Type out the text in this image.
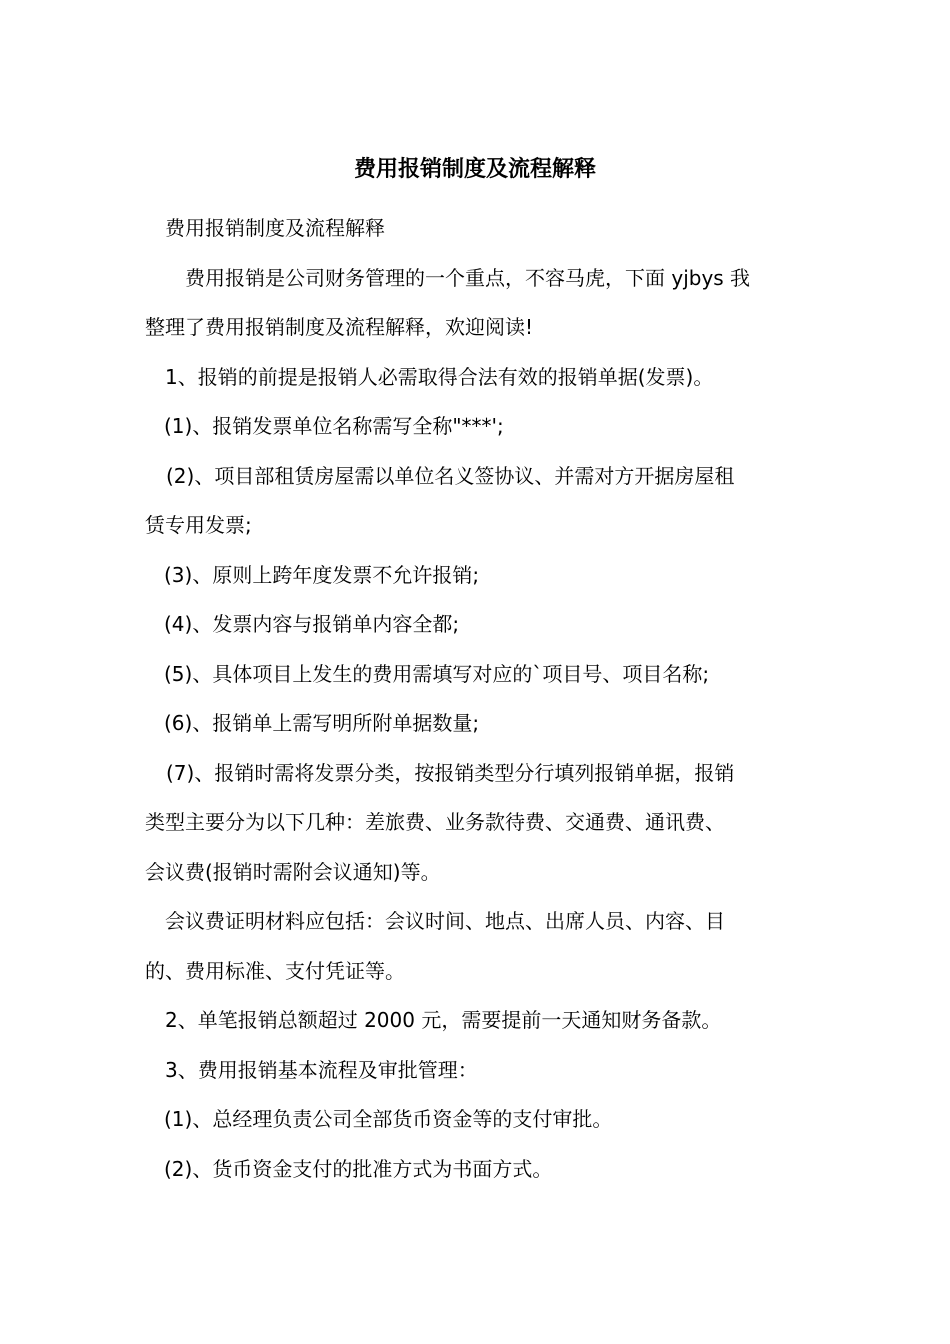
费用报销制度及流程解释

费用报销制度及流程解释

费用报销是公司财务管理的一个重点，不容马虎，下面 yjbys 我

整理了费用报销制度及流程解释，欢迎阅读!

1、报销的前提是报销人必需取得合法有效的报销单据(发票)。

(1)、报销发票单位名称需写全称"***';

(2)、项目部租赁房屋需以单位名义签协议、并需对方开据房屋租

赁专用发票;

(3)、原则上跨年度发票不允许报销;

(4)、发票内容与报销单内容全都;

(5)、具体项目上发生的费用需填写对应的`项目号、项目名称;

(6)、报销单上需写明所附单据数量;

(7)、报销时需将发票分类，按报销类型分行填列报销单据，报销

类型主要分为以下几种：差旅费、业务款待费、交通费、通讯费、

会议费(报销时需附会议通知)等。

会议费证明材料应包括：会议时间、地点、出席人员、内容、目

的、费用标准、支付凭证等。

2、单笔报销总额超过 2000 元，需要提前一天通知财务备款。

3、费用报销基本流程及审批管理：

(1)、总经理负责公司全部货币资金等的支付审批。

(2)、货币资金支付的批准方式为书面方式。
